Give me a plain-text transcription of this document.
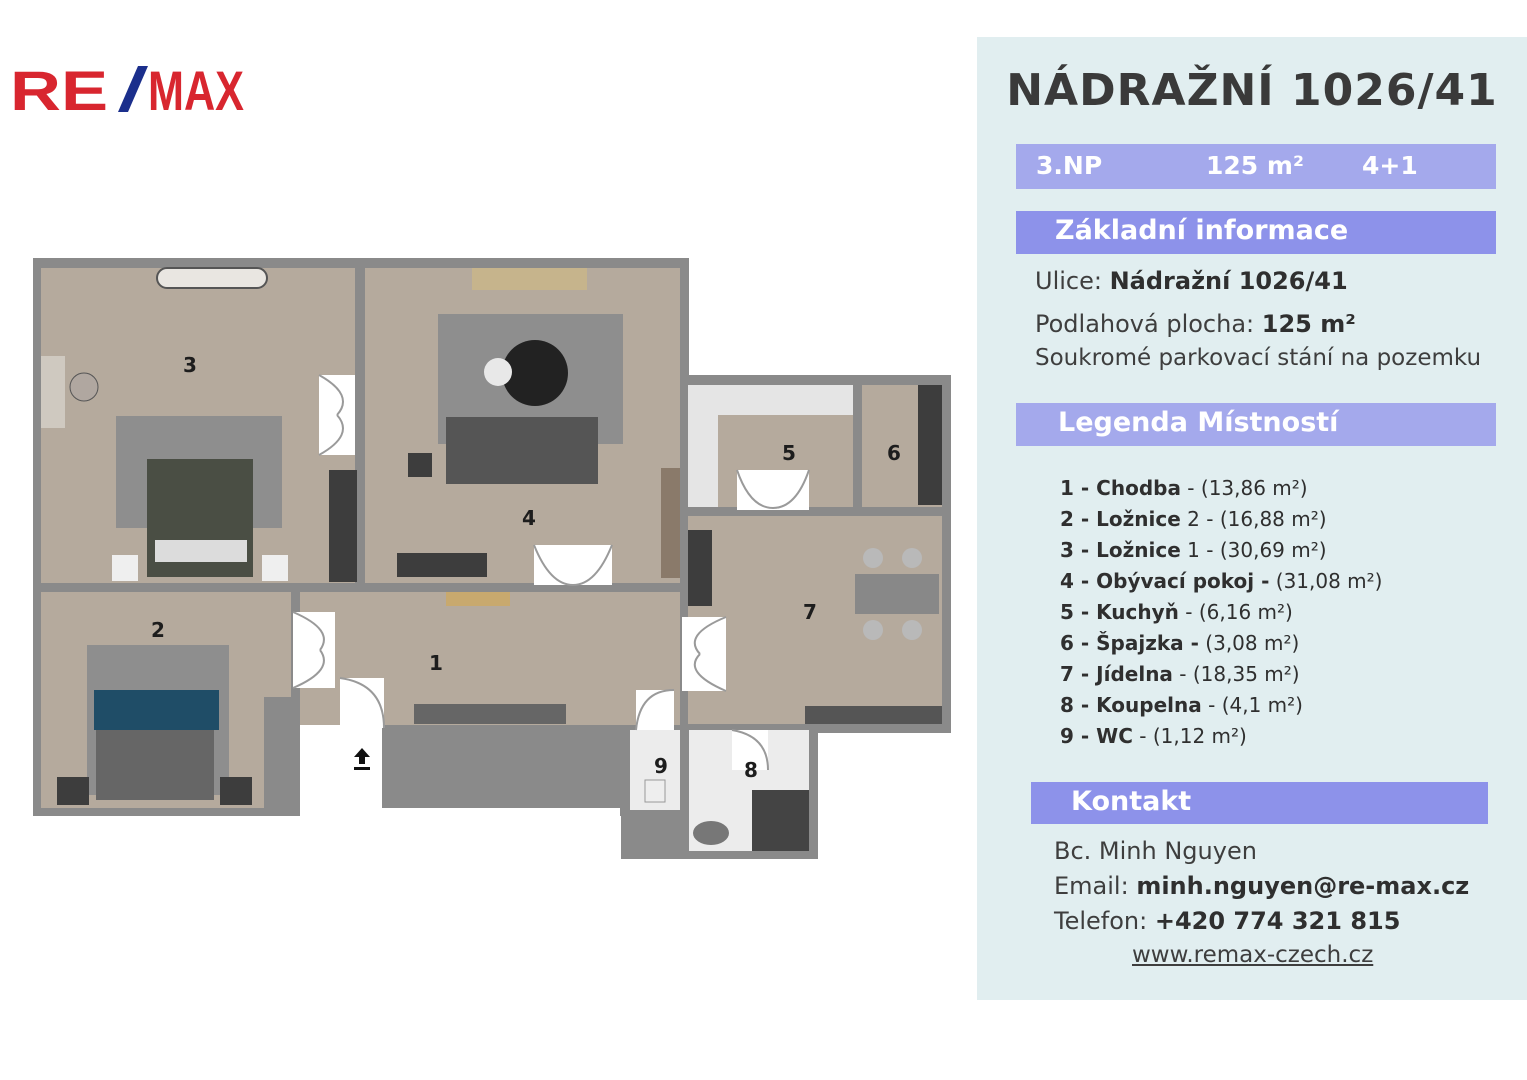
RE MAX
1
2
3
4
5	6
7
8
9
NÁDRAŽNÍ 1026/41
3.NP	125 m² 4+1
Základní informace
Ulice: Nádražní 1026/41
Podlahová plocha: 125 m²
Soukromé parkovací stání na pozemku
Legenda Místností
1 - Chodba - (13,86 m²)
2 - Ložnice 2 - (16,88 m²)
3 - Ložnice 1 - (30,69 m²)
4 - Obývací pokoj - (31,08 m²)
5 - Kuchyň - (6,16 m²)
6 - Špajzka - (3,08 m²)
7 - Jídelna - (18,35 m²)
8 - Koupelna - (4,1 m²)
9 - WC - (1,12 m²)
Kontakt
Bc. Minh Nguyen
Email: minh.nguyen@re-max.cz
Telefon: +420 774 321 815
www.remax-czech.cz
